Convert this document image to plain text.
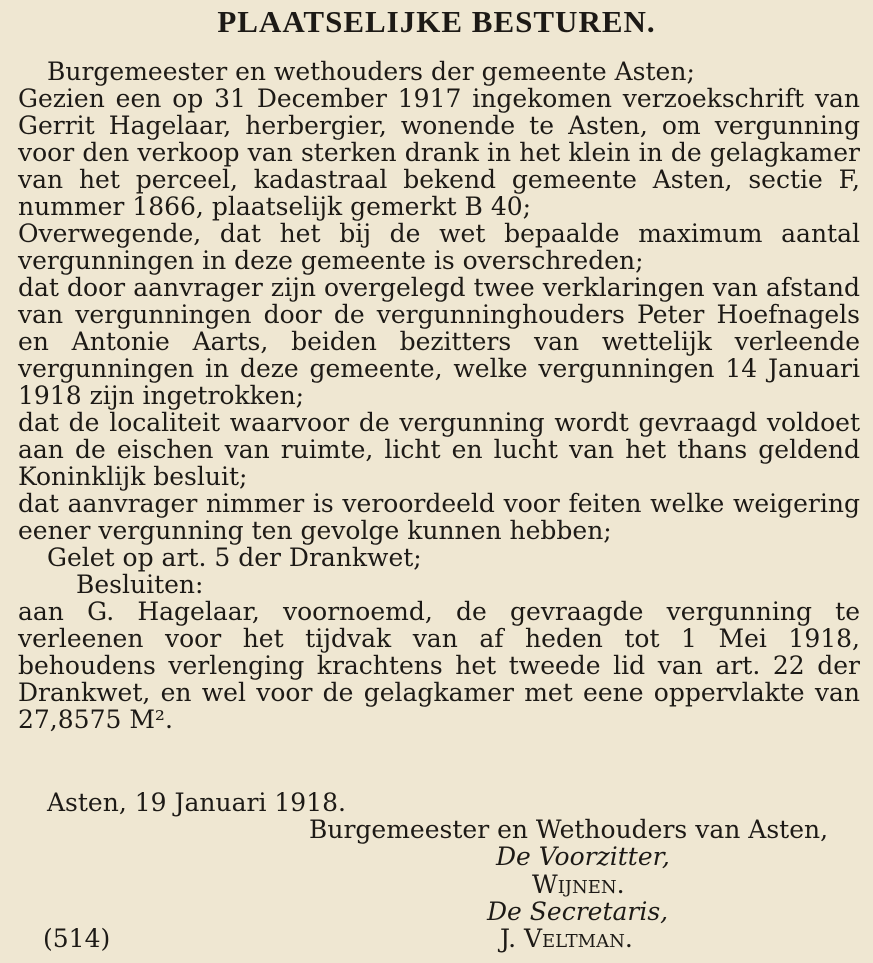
PLAATSELIJKE BESTUREN.

Burgemeester en wethouders der gemeente Asten;

Gezien een op 31 December 1917 ingekomen verzoekschrift van Gerrit Hagelaar, herbergier, wonende te Asten, om vergunning voor den verkoop van sterken drank in het klein in de gelagkamer van het perceel, kadastraal bekend gemeente Asten, sectie F, nummer 1866, plaatselijk gemerkt B 40;

Overwegende, dat het bij de wet bepaalde maximum aantal vergunningen in deze gemeente is overschreden;

dat door aanvrager zijn overgelegd twee verklaringen van afstand van vergunningen door de vergunninghouders Peter Hoefnagels en Antonie Aarts, beiden bezitters van wettelijk verleende vergunningen in deze gemeente, welke vergunningen 14 Januari 1918 zijn ingetrokken;

dat de localiteit waarvoor de vergunning wordt gevraagd voldoet aan de eischen van ruimte, licht en lucht van het thans geldend Koninklijk besluit;

dat aanvrager nimmer is veroordeeld voor feiten welke weigering eener vergunning ten gevolge kunnen hebben;

Gelet op art. 5 der Drankwet;

Besluiten:

aan G. Hagelaar, voornoemd, de gevraagde vergunning te verleenen voor het tijdvak van af heden tot 1 Mei 1918, behoudens verlenging krachtens het tweede lid van art. 22 der Drankwet, en wel voor de gelagkamer met eene oppervlakte van 27,8575 M².

Asten, 19 Januari 1918.
Burgemeester en Wethouders van Asten,
De Voorzitter,
Wijnen.
De Secretaris,
J. Veltman.
(514)
